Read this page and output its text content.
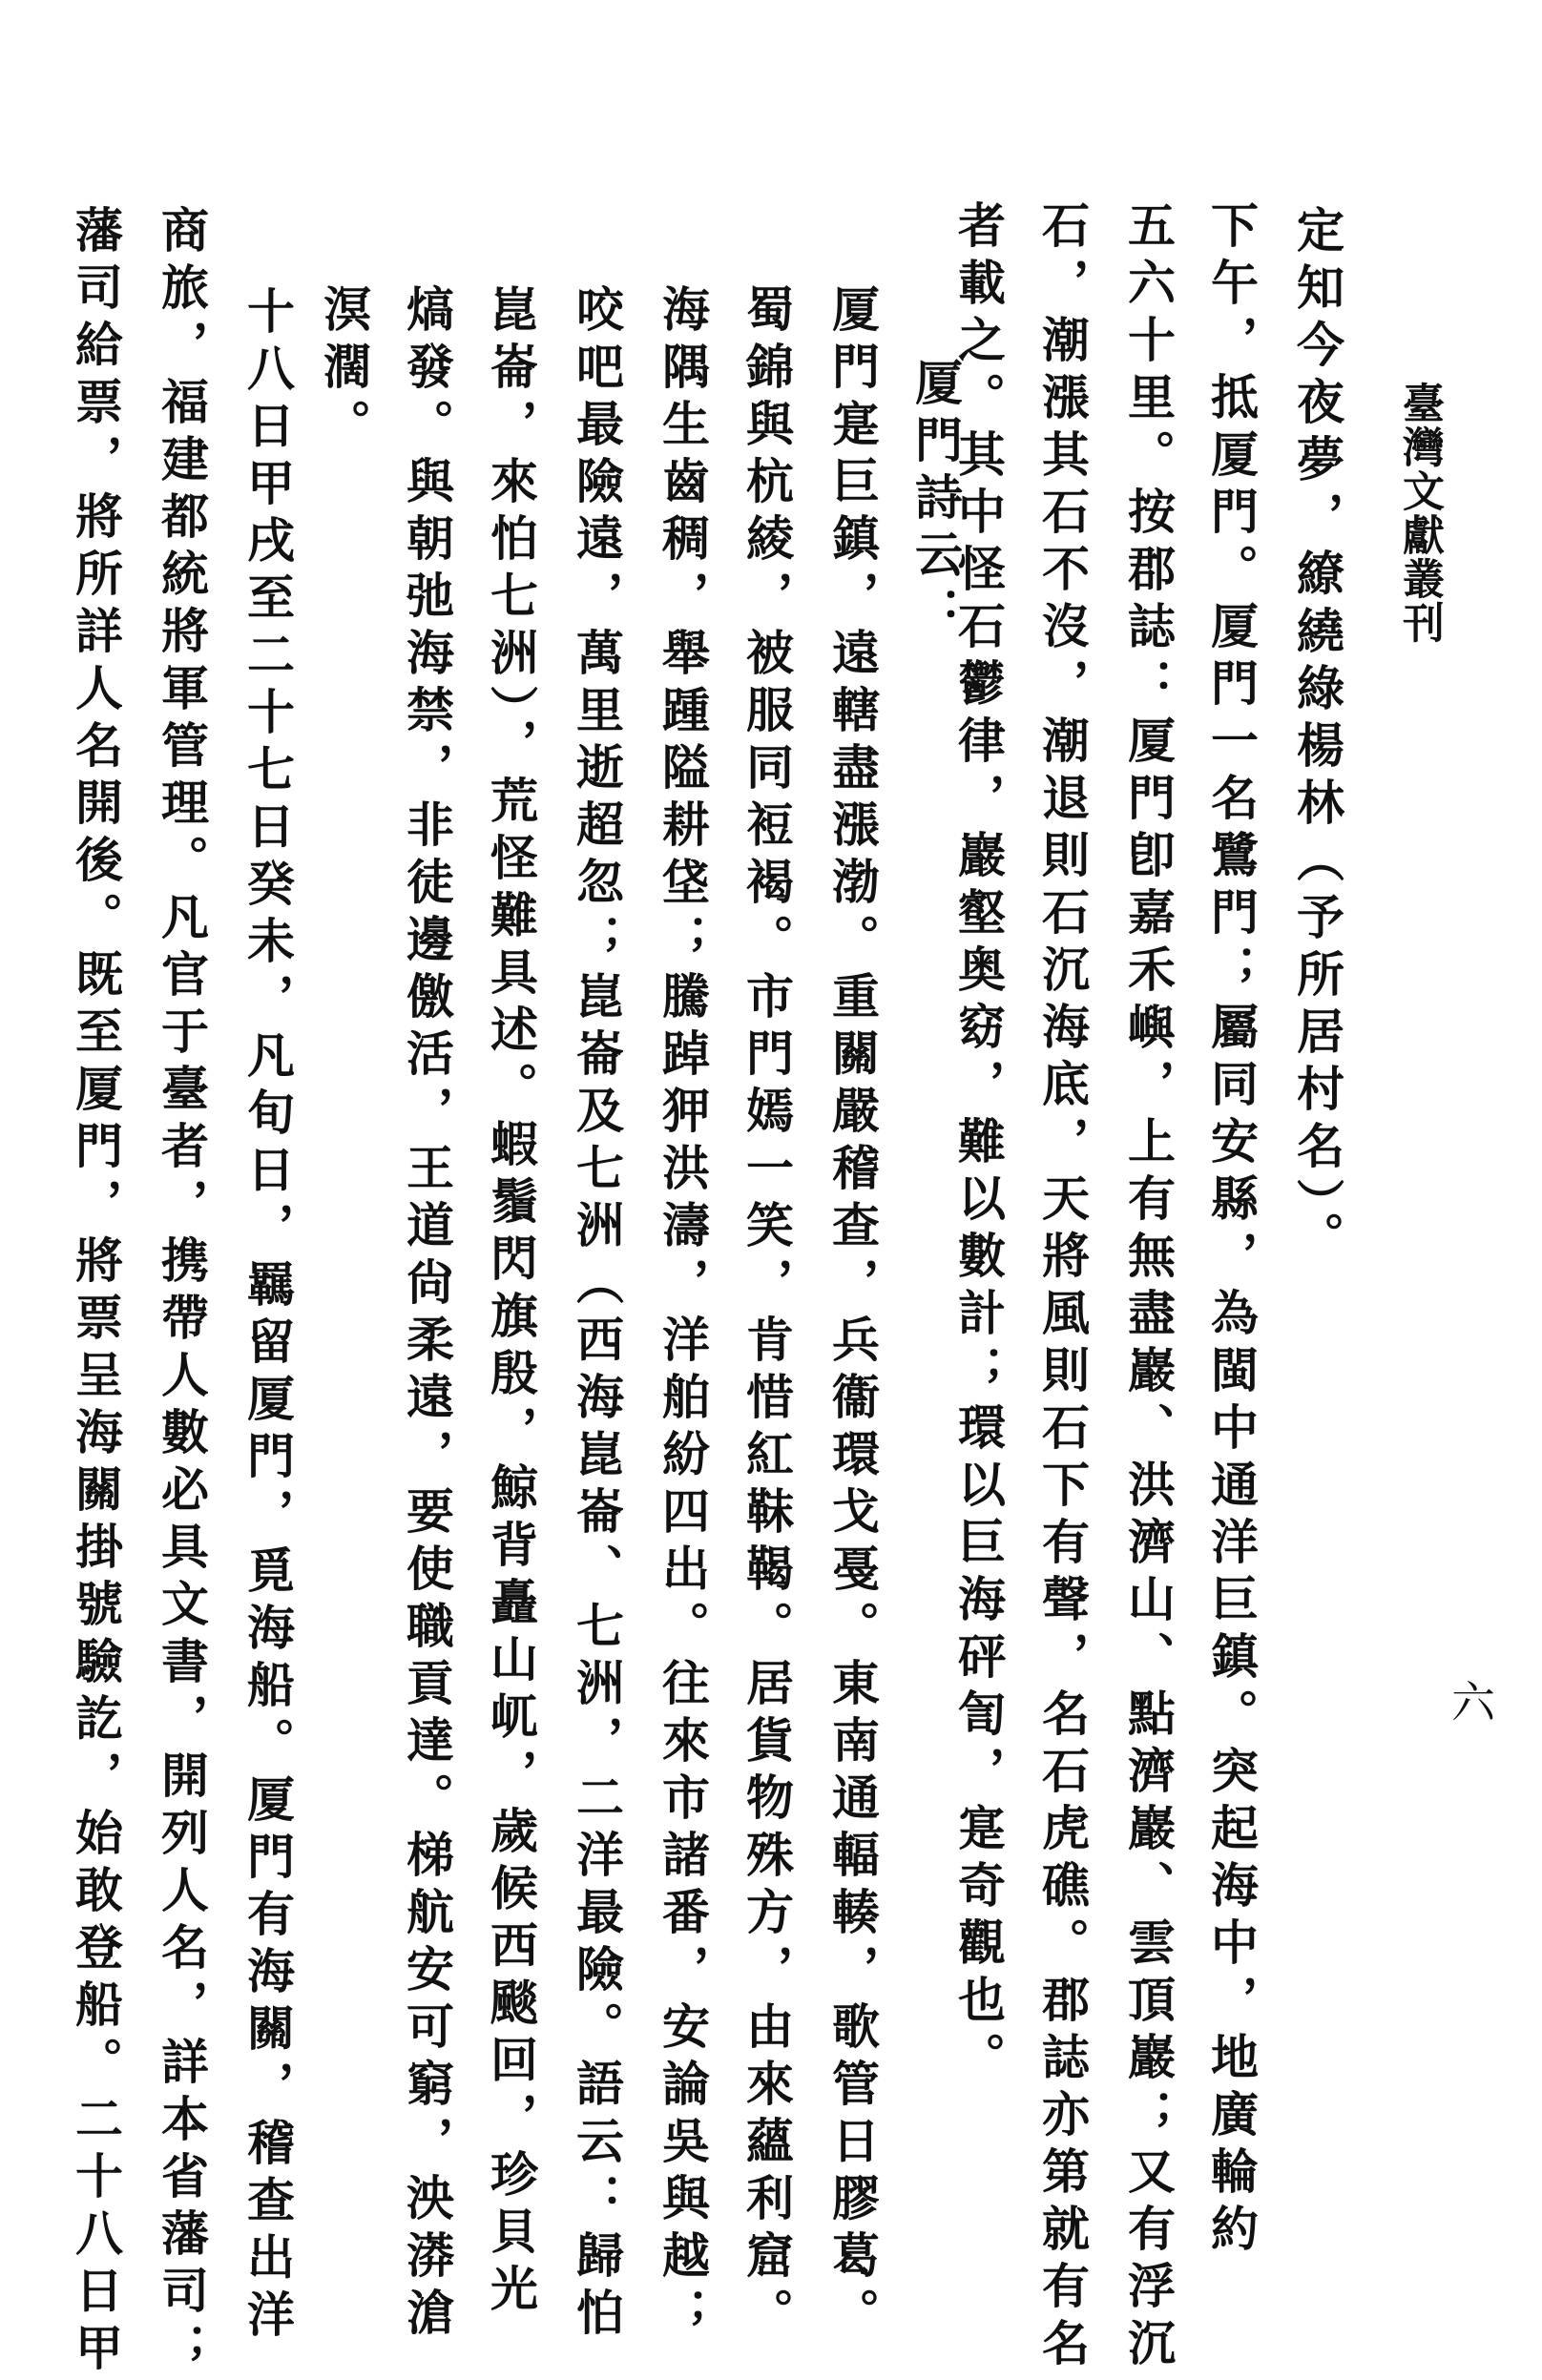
臺灣文獻叢刊
六
定知今夜夢，繚繞綠楊林（予所居村名）。
下午，抵厦門。厦門一名鷺門；屬同安縣，為閩中通洋巨鎮。突起海中，地廣輪約
五六十里。按郡誌：厦門卽嘉禾嶼，上有無盡巖、洪濟山、點濟巖、雲頂巖；又有浮沉
石，潮漲其石不沒，潮退則石沉海底，天將風則石下有聲，名石虎礁。郡誌亦第就有名
者載之。其中怪石鬱律，巖壑奥窈，難以數計；環以巨海砰訇，寔奇觀也。
厦門詩云：
厦門寔巨鎮，遠轄盡漲渤。重關嚴稽查，兵衞環戈戞。東南通輻輳，歌管日膠葛。
蜀錦與杭綾，被服同裋褐。市門嫣一笑，肯惜紅靺鞨。居貨物殊方，由來蘊利窟。
海隅生齒稠，舉踵隘耕垡；騰踔狎洪濤，洋舶紛四出。往來市諸番，安論吳與越；
咬吧最險遠，萬里逝超忽；崑崙及七洲（西海崑崙、七洲，二洋最險。語云：歸怕
崑崙，來怕七洲），荒怪難具述。蝦鬚閃旗殷，鯨背矗山屼，歲候西颷回，珍貝光
熇發。與朝弛海禁，非徒邊儌活，王道尙柔遠，要使職貢達。梯航安可窮，泱漭滄
溟濶。
十八日甲戌至二十七日癸未，凡旬日，羈留厦門，覓海船。厦門有海關，稽查出洋
商旅，福建都統將軍管理。凡官于臺者，携帶人數必具文書，開列人名，詳本省藩司；
藩司給票，將所詳人名開後。既至厦門，將票呈海關掛號驗訖，始敢登船。二十八日甲
